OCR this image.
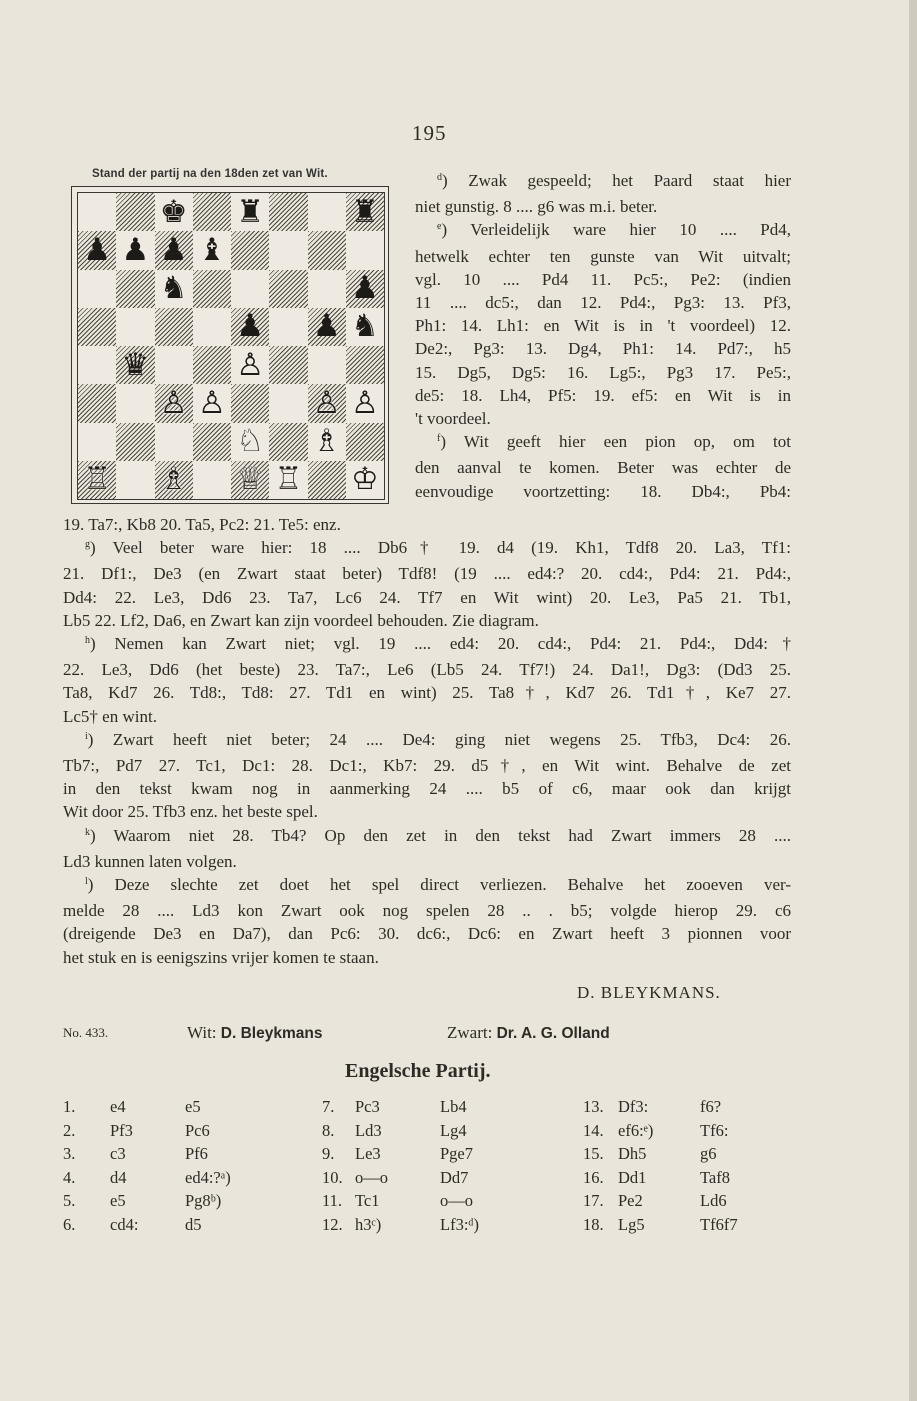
195
Stand der partij na den 18den zet van Wit.
♚ ♜	♜
♟ ♟ ♟ ♝
♞	♟
♟ ♟ ♞
♛	♙
♙ ♙	♙ ♙
♘ ♗
♖ ♗ ♕ ♖ ♔
$^d$) Zwak gespeeld; het Paard staat hier
niet gunstig. 8 .... g6 was m.i. beter.
$^e$) Verleidelijk ware hier 10 .... Pd4,
hetwelk echter ten gunste van Wit uitvalt;
vgl. 10 .... Pd4 11. Pc5:, Pe2: (indien
11 .... dc5:, dan 12. Pd4:, Pg3: 13. Pf3,
Ph1: 14. Lh1: en Wit is in 't voordeel) 12.
De2:, Pg3: 13. Dg4, Ph1: 14. Pd7:, h5
15. Dg5, Dg5: 16. Lg5:, Pg3 17. Pe5:,
de5: 18. Lh4, Pf5: 19. ef5: en Wit is in
't voordeel.
$^f$) Wit geeft hier een pion op, om tot
den aanval te komen. Beter was echter de
eenvoudige voortzetting: 18. Db4:, Pb4:
19. Ta7:, Kb8 20. Ta5, Pc2: 21. Te5: enz.
$^g$) Veel beter ware hier: 18 .... Db6† 19. d4 (19. Kh1, Tdf8 20. La3, Tf1:
21. Df1:, De3 (en Zwart staat beter) Tdf8! (19 .... ed4:? 20. cd4:, Pd4: 21. Pd4:,
Dd4: 22. Le3, Dd6 23. Ta7, Lc6 24. Tf7 en Wit wint) 20. Le3, Pa5 21. Tb1,
Lb5 22. Lf2, Da6, en Zwart kan zijn voordeel behouden. Zie diagram.
$^h$) Nemen kan Zwart niet; vgl. 19 .... ed4: 20. cd4:, Pd4: 21. Pd4:, Dd4:†
22. Le3, Dd6 (het beste) 23. Ta7:, Le6 (Lb5 24. Tf7!) 24. Da1!, Dg3: (Dd3 25.
Ta8, Kd7 26. Td8:, Td8: 27. Td1 en wint) 25. Ta8†, Kd7 26. Td1†, Ke7 27.
Lc5† en wint.
$^i$) Zwart heeft niet beter; 24 .... De4: ging niet wegens 25. Tfb3, Dc4: 26.
Tb7:, Pd7 27. Tc1, Dc1: 28. Dc1:, Kb7: 29. d5†, en Wit wint. Behalve de zet
in den tekst kwam nog in aanmerking 24 .... b5 of c6, maar ook dan krijgt
Wit door 25. Tfb3 enz. het beste spel.
$^k$) Waarom niet 28. Tb4? Op den zet in den tekst had Zwart immers 28 ....
Ld3 kunnen laten volgen.
$^l$) Deze slechte zet doet het spel direct verliezen. Behalve het zooeven ver-
melde 28 .... Ld3 kon Zwart ook nog spelen 28 .. . b5; volgde hierop 29. c6
(dreigende De3 en Da7), dan Pc6: 30. dc6:, Dc6: en Zwart heeft 3 pionnen voor
het stuk en is eenigszins vrijer komen te staan.
D. BLEYKMANS.
No. 433.	Wit: D. Bleykmans	Zwart: Dr. A. G. Olland
Engelsche Partij.
1. e4	e5
2. Pf3	Pc6
3. c3	Pf6
4. d4	ed4:?ᵃ)
5. e5	Pg8ᵇ)
6. cd4:	d5
7. Pc3	Lb4
8. Ld3	Lg4
9. Le3	Pge7
10. o—o	Dd7
11. Tc1	o—o
12. h3ᶜ)	Lf3:ᵈ)
13. Df3:	f6?
14. ef6:ᵉ)	Tf6:
15. Dh5	g6
16. Dd1	Taf8
17. Pe2	Ld6
18. Lg5	Tf6f7
